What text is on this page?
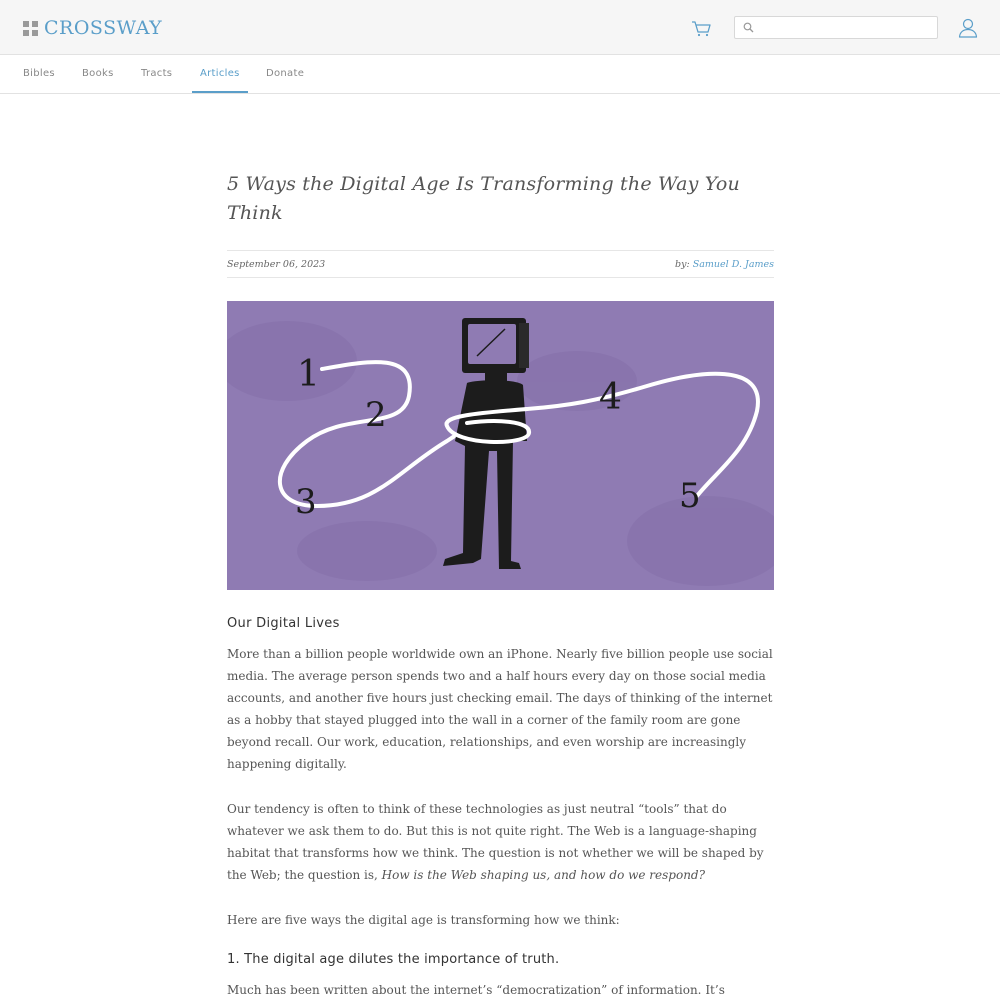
CROSSWAY
Bibles	Books	Tracts	Articles	Donate
5 Ways the Digital Age Is Transforming the Way You Think
September 06, 2023	by: Samuel D. James
1
2
3
4
5
Our Digital Lives

More than a billion people worldwide own an iPhone. Nearly five billion people use social media. The average person spends two and a half hours every day on those social media accounts, and another five hours just checking email. The days of thinking of the internet as a hobby that stayed plugged into the wall in a corner of the family room are gone beyond recall. Our work, education, relationships, and even worship are increasingly happening digitally.

Our tendency is often to think of these technologies as just neutral “tools” that do whatever we ask them to do. But this is not quite right. The Web is a language-shaping habitat that transforms how we think. The question is not whether we will be shaped by the Web; the question is, How is the Web shaping us, and how do we respond?

Here are five ways the digital age is transforming how we think:

1. The digital age dilutes the importance of truth.

Much has been written about the internet’s “democratization” of information. It’s
